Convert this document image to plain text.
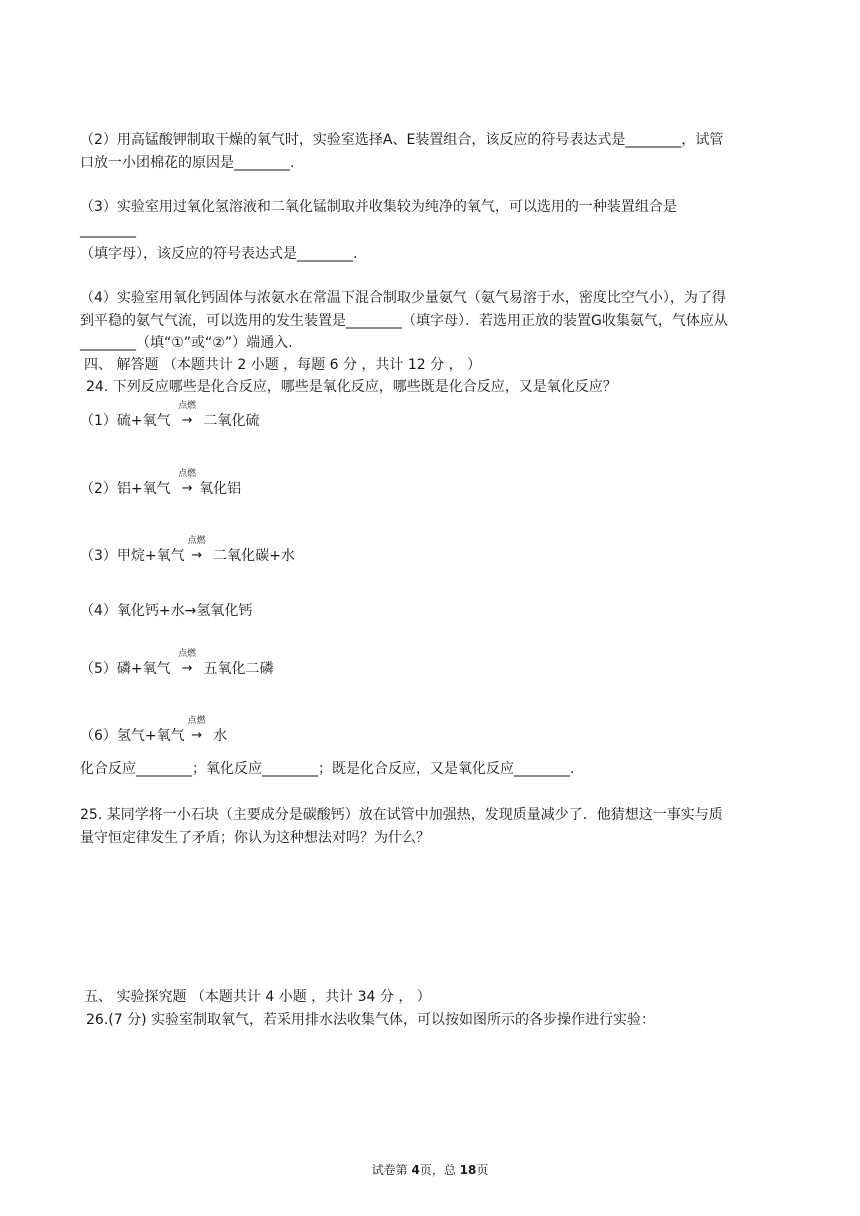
（2）用高锰酸钾制取干燥的氧气时，实验室选择A、E装置组合，该反应的符号表达式是________，试管
口放一小团棉花的原因是________.
（3）实验室用过氧化氢溶液和二氧化锰制取并收集较为纯净的氧气，可以选用的一种装置组合是
________
（填字母），该反应的符号表达式是________.
（4）实验室用氧化钙固体与浓氨水在常温下混合制取少量氨气（氨气易溶于水，密度比空气小），为了得
到平稳的氨气气流，可以选用的发生装置是________（填字母）．若选用正放的装置G收集氨气，气体应从
________（填“①”或“②”）端通入.
四、 解答题 （本题共计 2 小题 ，每题 6 分 ，共计 12 分 ， ）
24. 下列反应哪些是化合反应，哪些是氧化反应，哪些既是化合反应，又是氧化反应？
（1）硫+氧气
点燃
→ 二氧化硫
（2）铝+氧气
点燃
→ 氧化铝
（3）甲烷+氧气
点燃
→ 二氧化碳+水
（4）氧化钙+水→氢氧化钙
（5）磷+氧气
点燃
→ 五氧化二磷
（6）氢气+氧气
点燃
→ 水
化合反应________；氧化反应________；既是化合反应，又是氧化反应________.
25. 某同学将一小石块（主要成分是碳酸钙）放在试管中加强热，发现质量减少了．他猜想这一事实与质
量守恒定律发生了矛盾；你认为这种想法对吗？为什么？
五、 实验探究题 （本题共计 4 小题 ，共计 34 分 ， ）
26.(7 分) 实验室制取氧气，若采用排水法收集气体，可以按如图所示的各步操作进行实验：
试卷第 4页，总 18页
